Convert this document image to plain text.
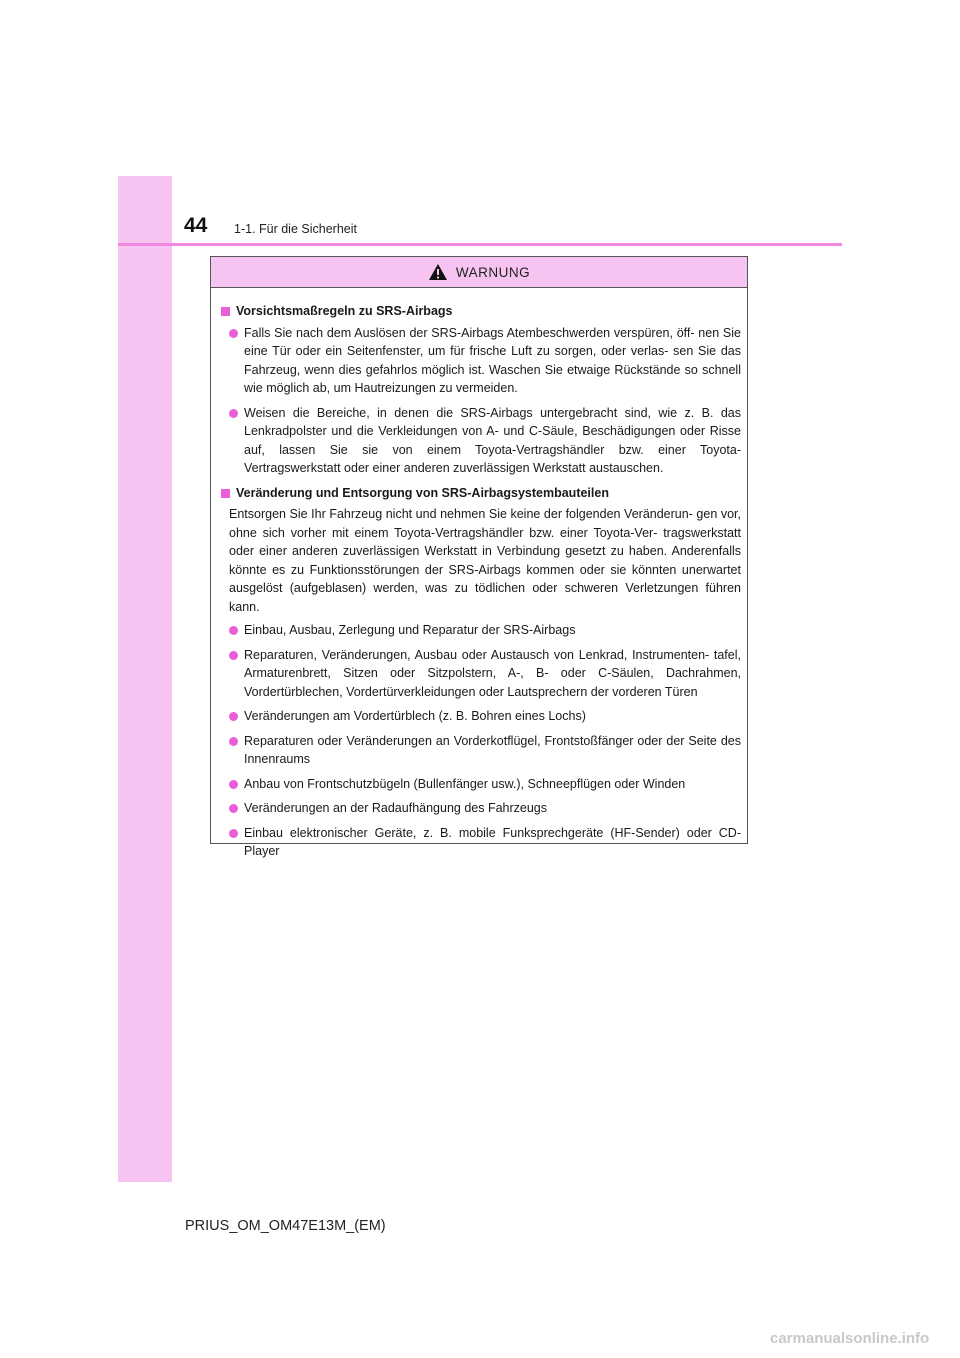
44 1-1. Für die Sicherheit
WARNUNG
Vorsichtsmaßregeln zu SRS-Airbags
Falls Sie nach dem Auslösen der SRS-Airbags Atembeschwerden verspüren, öff- nen Sie eine Tür oder ein Seitenfenster, um für frische Luft zu sorgen, oder verlas- sen Sie das Fahrzeug, wenn dies gefahrlos möglich ist. Waschen Sie etwaige Rückstände so schnell wie möglich ab, um Hautreizungen zu vermeiden.
Weisen die Bereiche, in denen die SRS-Airbags untergebracht sind, wie z. B. das Lenkradpolster und die Verkleidungen von A- und C-Säule, Beschädigungen oder Risse auf, lassen Sie sie von einem Toyota-Vertragshändler bzw. einer Toyota- Vertragswerkstatt oder einer anderen zuverlässigen Werkstatt austauschen.
Veränderung und Entsorgung von SRS-Airbagsystembauteilen
Entsorgen Sie Ihr Fahrzeug nicht und nehmen Sie keine der folgenden Veränderun- gen vor, ohne sich vorher mit einem Toyota-Vertragshändler bzw. einer Toyota-Ver- tragswerkstatt oder einer anderen zuverlässigen Werkstatt in Verbindung gesetzt zu haben. Anderenfalls könnte es zu Funktionsstörungen der SRS-Airbags kommen oder sie könnten unerwartet ausgelöst (aufgeblasen) werden, was zu tödlichen oder schweren Verletzungen führen kann.
Einbau, Ausbau, Zerlegung und Reparatur der SRS-Airbags
Reparaturen, Veränderungen, Ausbau oder Austausch von Lenkrad, Instrumenten- tafel, Armaturenbrett, Sitzen oder Sitzpolstern, A-, B- oder C-Säulen, Dachrahmen, Vordertürblechen, Vordertürverkleidungen oder Lautsprechern der vorderen Türen
Veränderungen am Vordertürblech (z. B. Bohren eines Lochs)
Reparaturen oder Veränderungen an Vorderkotflügel, Frontstoßfänger oder der Seite des Innenraums
Anbau von Frontschutzbügeln (Bullenfänger usw.), Schneepflügen oder Winden
Veränderungen an der Radaufhängung des Fahrzeugs
Einbau elektronischer Geräte, z. B. mobile Funksprechgeräte (HF-Sender) oder CD-Player
PRIUS_OM_OM47E13M_(EM)
carmanualsonline.info
